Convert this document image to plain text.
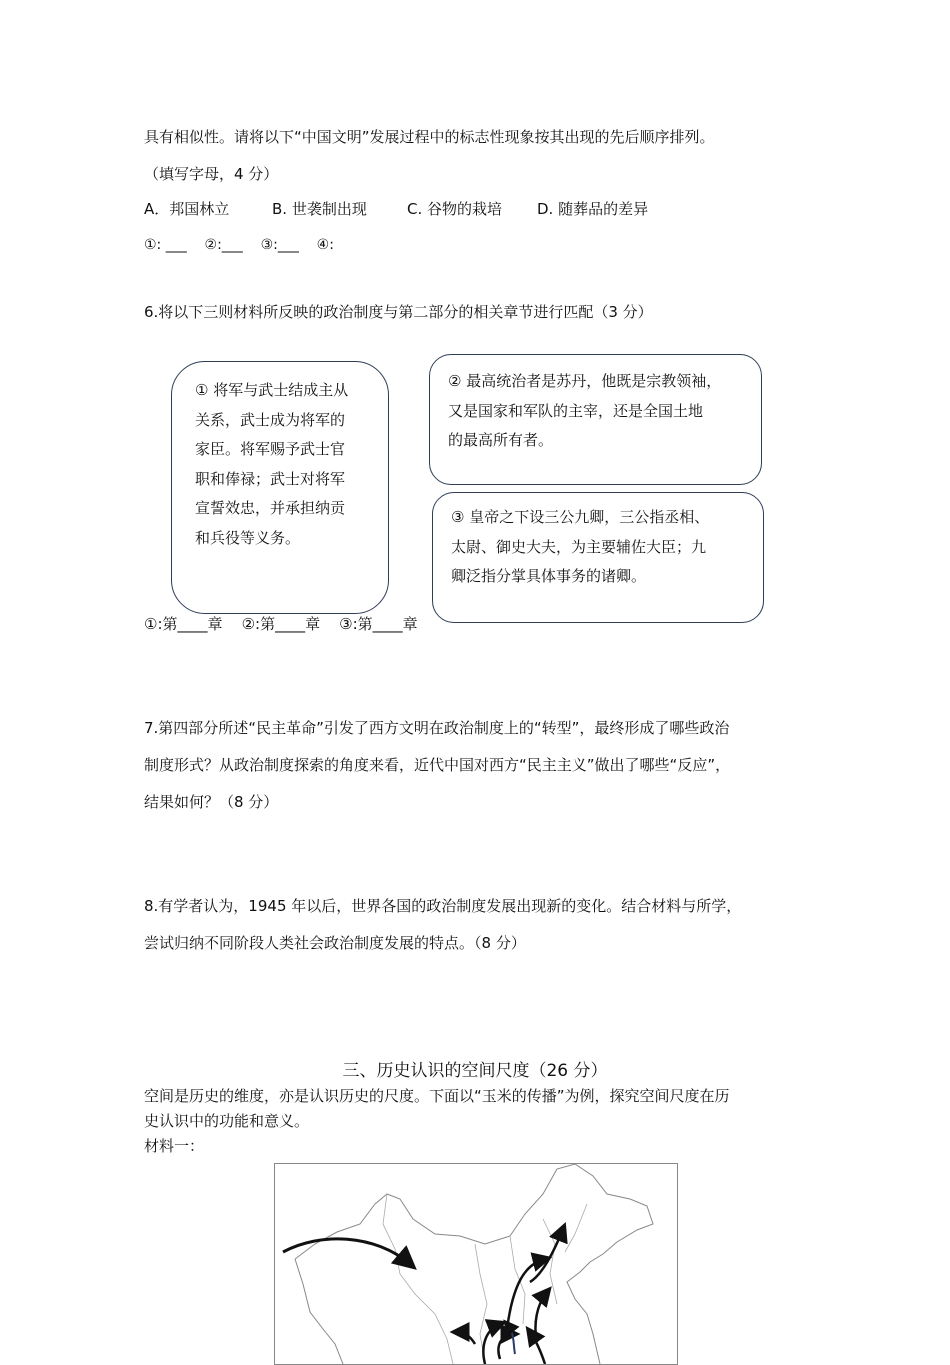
具有相似性。请将以下“中国文明”发展过程中的标志性现象按其出现的先后顺序排列。
（填写字母，4 分）
A．邦国林立	B. 世袭制出现	C. 谷物的栽培 D. 随葬品的差异
①: ___    ②:___    ③:___    ④:
6.将以下三则材料所反映的政治制度与第二部分的相关章节进行匹配（3 分）

① 将军与武士结成主从

关系，武士成为将军的

家臣。将军赐予武士官

职和俸禄；武士对将军

宣誓效忠，并承担纳贡

和兵役等义务。

② 最高统治者是苏丹，他既是宗教领袖，

又是国家和军队的主宰，还是全国土地

的最高所有者。

③ 皇帝之下设三公九卿，三公指丞相、

太尉、御史大夫，为主要辅佐大臣；九

卿泛指分掌具体事务的诸卿。

①:第____章    ②:第____章    ③:第____章
7.第四部分所述“民主革命”引发了西方文明在政治制度上的“转型”，最终形成了哪些政治
制度形式？从政治制度探索的角度来看，近代中国对西方“民主主义”做出了哪些“反应”，
结果如何？（8 分）
8.有学者认为，1945 年以后，世界各国的政治制度发展出现新的变化。结合材料与所学，
尝试归纳不同阶段人类社会政治制度发展的特点。（8 分）
三、历史认识的空间尺度（26 分）
空间是历史的维度，亦是认识历史的尺度。下面以“玉米的传播”为例，探究空间尺度在历
史认识中的功能和意义。
材料一：
